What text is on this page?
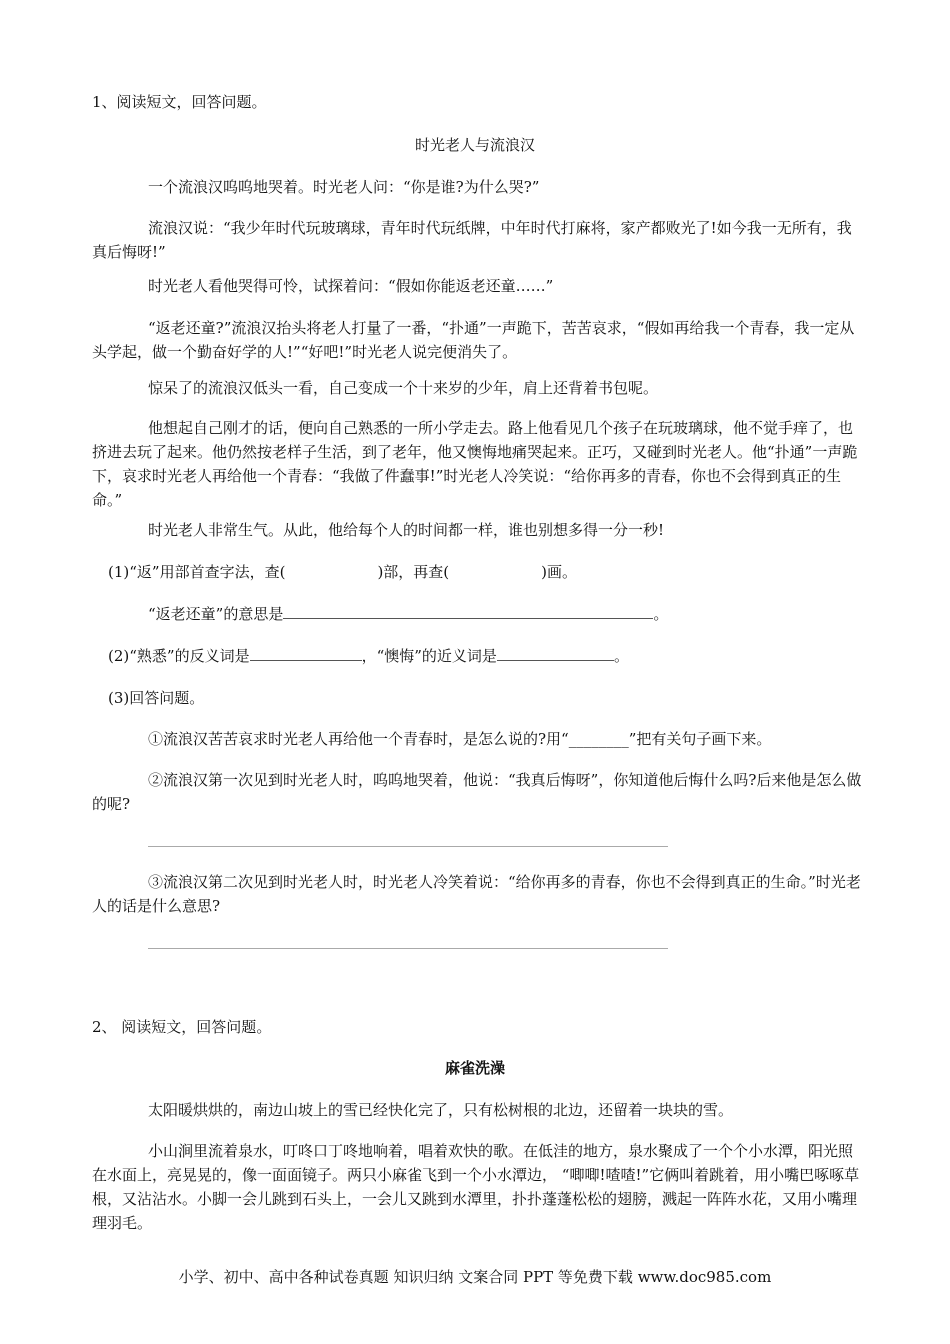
1、阅读短文，回答问题。
时光老人与流浪汉
一个流浪汉呜呜地哭着。时光老人问：“你是谁?为什么哭?”
流浪汉说：“我少年时代玩玻璃球，青年时代玩纸牌，中年时代打麻将，家产都败光了!如今我一无所有，我真后悔呀!”
时光老人看他哭得可怜，试探着问：“假如你能返老还童……”
“返老还童?”流浪汉抬头将老人打量了一番，“扑通”一声跪下，苦苦哀求，“假如再给我一个青春，我一定从头学起，做一个勤奋好学的人!”“好吧!”时光老人说完便消失了。
惊呆了的流浪汉低头一看，自己变成一个十来岁的少年，肩上还背着书包呢。
他想起自己刚才的话，便向自己熟悉的一所小学走去。路上他看见几个孩子在玩玻璃球，他不觉手痒了，也挤进去玩了起来。他仍然按老样子生活，到了老年，他又懊悔地痛哭起来。正巧，又碰到时光老人。他“扑通”一声跪下，哀求时光老人再给他一个青春：“我做了件蠢事!”时光老人冷笑说：“给你再多的青春，你也不会得到真正的生命。”
时光老人非常生气。从此，他给每个人的时间都一样，谁也别想多得一分一秒!
(1)“返”用部首查字法，查(	)部，再查(	)画。
“返老还童”的意思是	。
(2)“熟悉”的反义词是	，“懊悔”的近义词是	。
(3)回答问题。
①流浪汉苦苦哀求时光老人再给他一个青春时，是怎么说的?用“________”把有关句子画下来。
②流浪汉第一次见到时光老人时，呜呜地哭着，他说：“我真后悔呀”，你知道他后悔什么吗?后来他是怎么做的呢?
③流浪汉第二次见到时光老人时，时光老人冷笑着说：“给你再多的青春，你也不会得到真正的生命。”时光老人的话是什么意思?
2、 阅读短文，回答问题。
麻雀洗澡
太阳暖烘烘的，南边山坡上的雪已经快化完了，只有松树根的北边，还留着一块块的雪。
小山涧里流着泉水，叮咚口丁咚地响着，唱着欢快的歌。在低洼的地方，泉水聚成了一个个小水潭，阳光照在水面上，亮晃晃的，像一面面镜子。两只小麻雀飞到一个小水潭边， “唧唧!喳喳!”它俩叫着跳着，用小嘴巴啄啄草根，又沾沾水。小脚一会儿跳到石头上，一会儿又跳到水潭里，扑扑蓬蓬松松的翅膀，溅起一阵阵水花，又用小嘴理理羽毛。
小学、初中、高中各种试卷真题 知识归纳 文案合同 PPT 等免费下载 www.doc985.com
